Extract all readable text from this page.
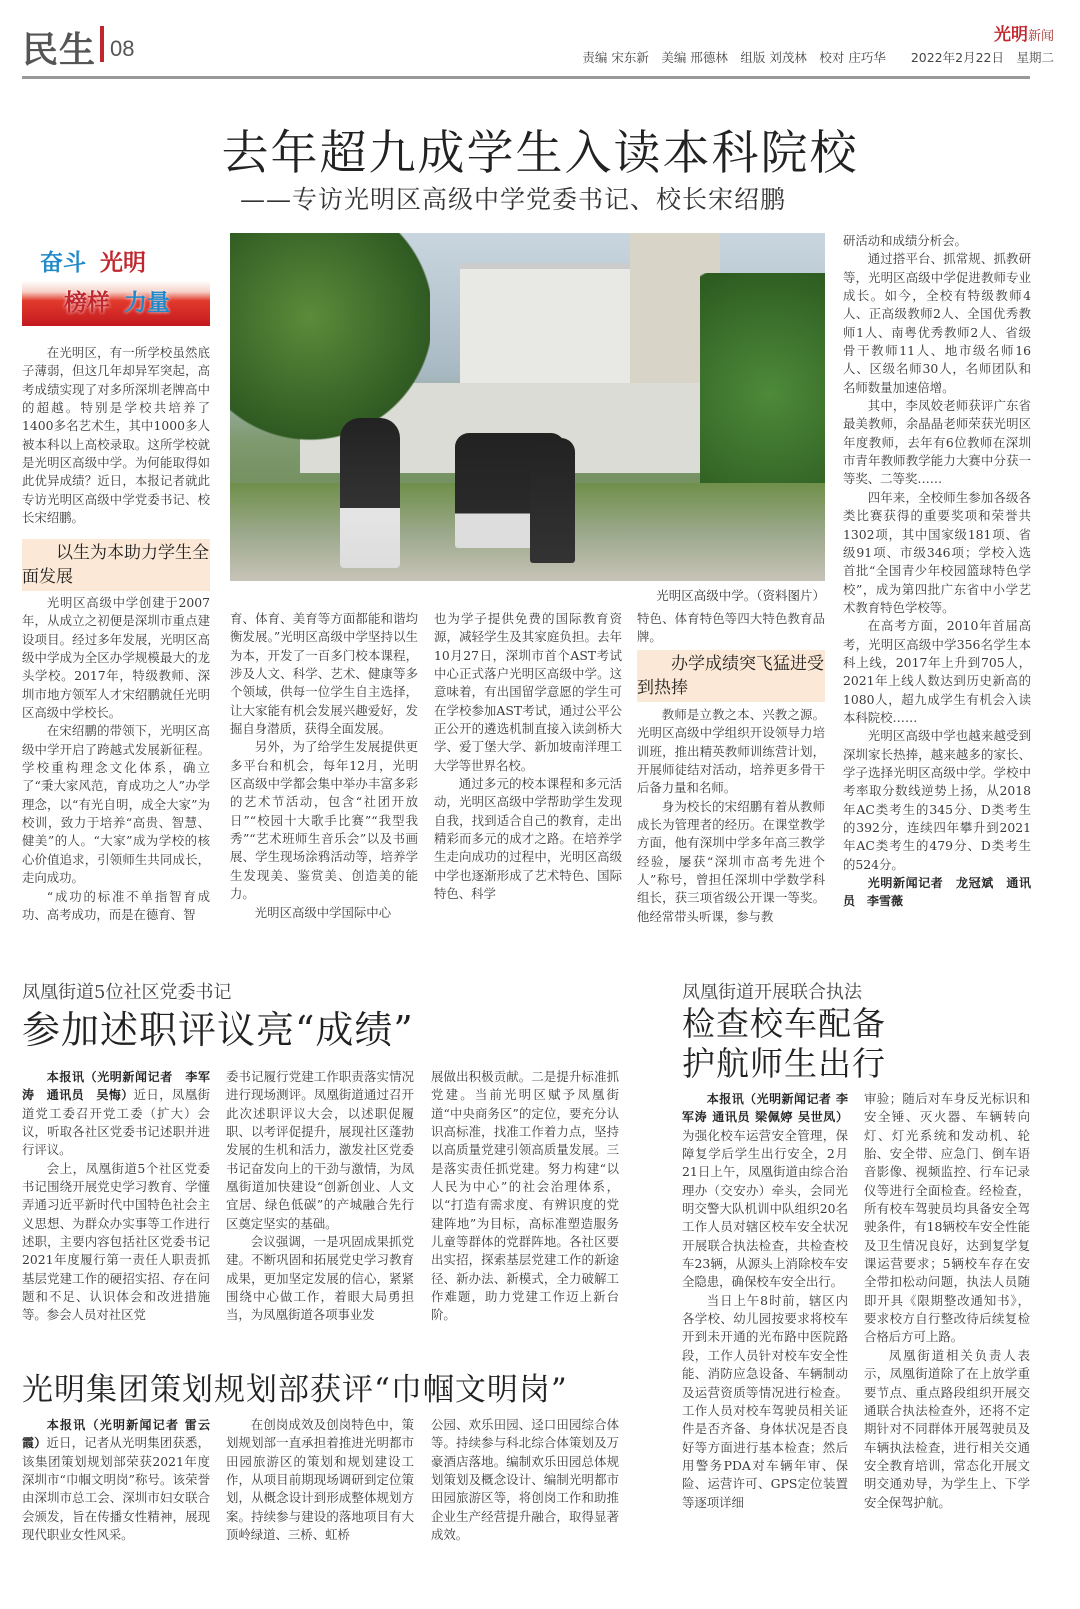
民生 08
光明新闻
责编 宋东新　美编 邢德林　组版 刘茂林　校对 庄巧华　　2022年2月22日　星期二
去年超九成学生入读本科院校
——专访光明区高级中学党委书记、校长宋绍鹏
奋斗 光明
榜样 力量

在光明区，有一所学校虽然底子薄弱，但这几年却异军突起，高考成绩实现了对多所深圳老牌高中的超越。特别是学校共培养了1400多名艺术生，其中1000多人被本科以上高校录取。这所学校就是光明区高级中学。为何能取得如此优异成绩？近日，本报记者就此专访光明区高级中学党委书记、校长宋绍鹏。

以生为本助力学生全面发展

光明区高级中学创建于2007年，从成立之初便是深圳市重点建设项目。经过多年发展，光明区高级中学成为全区办学规模最大的龙头学校。2017年，特级教师、深圳市地方领军人才宋绍鹏就任光明区高级中学校长。

在宋绍鹏的带领下，光明区高级中学开启了跨越式发展新征程。学校重构理念文化体系，确立了“秉大家风范，育成功之人”办学理念，以“有光自明，成全大家”为校训，致力于培养“高贵、智慧、健美”的人。“大家”成为学校的核心价值追求，引领师生共同成长，走向成功。

“成功的标准不单指智育成功、高考成功，而是在德育、智

光明区高级中学。（资料图片）

育、体育、美育等方面都能和谐均衡发展。”光明区高级中学坚持以生为本，开发了一百多门校本课程，涉及人文、科学、艺术、健康等多个领域，供每一位学生自主选择，让大家能有机会发展兴趣爱好，发掘自身潜质，获得全面发展。

另外，为了给学生发展提供更多平台和机会，每年12月，光明区高级中学都会集中举办丰富多彩的艺术节活动，包含“社团开放日”“校园十大歌手比赛”“我型我秀”“艺术班师生音乐会”以及书画展、学生现场涂鸦活动等，培养学生发现美、鉴赏美、创造美的能力。

光明区高级中学国际中心

也为学子提供免费的国际教育资源，减轻学生及其家庭负担。去年10月27日，深圳市首个AST考试中心正式落户光明区高级中学。这意味着，有出国留学意愿的学生可在学校参加AST考试，通过公平公正公开的遴选机制直接入读剑桥大学、爱丁堡大学、新加坡南洋理工大学等世界名校。

通过多元的校本课程和多元活动，光明区高级中学帮助学生发现自我，找到适合自己的教育，走出精彩而多元的成才之路。在培养学生走向成功的过程中，光明区高级中学也逐渐形成了艺术特色、国际特色、科学

特色、体育特色等四大特色教育品牌。

办学成绩突飞猛进受到热捧

教师是立教之本、兴教之源。光明区高级中学组织开设领导力培训班，推出精英教师训练营计划，开展师徒结对活动，培养更多骨干后备力量和名师。

身为校长的宋绍鹏有着从教师成长为管理者的经历。在课堂教学方面，他有深圳中学多年高三教学经验，屡获“深圳市高考先进个人”称号，曾担任深圳中学数学科组长，获三项省级公开课一等奖。他经常带头听课，参与教

研活动和成绩分析会。

通过搭平台、抓常规、抓教研等，光明区高级中学促进教师专业成长。如今，全校有特级教师4人、正高级教师2人、全国优秀教师1人、南粤优秀教师2人、省级骨干教师11人、地市级名师16人、区级名师30人，名师团队和名师数量加速倍增。

其中，李凤姣老师获评广东省最美教师，余晶晶老师荣获光明区年度教师，去年有6位教师在深圳市青年教师教学能力大赛中分获一等奖、二等奖……

四年来，全校师生参加各级各类比赛获得的重要奖项和荣誉共1302项，其中国家级181项、省级91项、市级346项；学校入选首批“全国青少年校园篮球特色学校”，成为第四批广东省中小学艺术教育特色学校等。

在高考方面，2010年首届高考，光明区高级中学356名学生本科上线，2017年上升到705人，2021年上线人数达到历史新高的1080人，超九成学生有机会入读本科院校……

光明区高级中学也越来越受到深圳家长热捧，越来越多的家长、学子选择光明区高级中学。学校中考率取分数线逆势上扬，从2018年AC类考生的345分、D类考生的392分，连续四年攀升到2021年AC类考生的479分、D类考生的524分。

光明新闻记者　龙冠斌　通讯员　李雪薇

凤凰街道5位社区党委书记
参加述职评议亮“成绩”

本报讯（光明新闻记者　李军涛　通讯员　吴悔）近日，凤凰街道党工委召开党工委（扩大）会议，听取各社区党委书记述职并进行评议。

会上，凤凰街道5个社区党委书记围绕开展党史学习教育、学懂弄通习近平新时代中国特色社会主义思想、为群众办实事等工作进行述职，主要内容包括社区党委书记2021年度履行第一责任人职责抓基层党建工作的硬招实招、存在问题和不足、认识体会和改进措施等。参会人员对社区党

委书记履行党建工作职责落实情况进行现场测评。凤凰街道通过召开此次述职评议大会，以述职促履职、以考评促提升，展现社区蓬勃发展的生机和活力，激发社区党委书记奋发向上的干劲与激情，为凤凰街道加快建设“创新创业、人文宜居、绿色低碳”的产城融合先行区奠定坚实的基础。

会议强调，一是巩固成果抓党建。不断巩固和拓展党史学习教育成果，更加坚定发展的信心，紧紧围绕中心做工作，着眼大局勇担当，为凤凰街道各项事业发

展做出积极贡献。二是提升标准抓党建。当前光明区赋予凤凰街道“中央商务区”的定位，要充分认识高标准，找准工作着力点，坚持以高质量党建引领高质量发展。三是落实责任抓党建。努力构建“以人民为中心”的社会治理体系，以“打造有需求度、有辨识度的党建阵地”为目标，高标准塑造服务儿童等群体的党群阵地。各社区要出实招，探索基层党建工作的新途径、新办法、新模式，全力破解工作难题，助力党建工作迈上新台阶。

凤凰街道开展联合执法
检查校车配备
护航师生出行

本报讯（光明新闻记者 李军涛 通讯员 梁佩婷 吴世凤）为强化校车运营安全管理，保障复学后学生出行安全，2月21日上午，凤凰街道由综合治理办（交安办）牵头，会同光明交警大队机训中队组织20名工作人员对辖区校车安全状况开展联合执法检查，共检查校车23辆，从源头上消除校车安全隐患，确保校车安全出行。

当日上午8时前，辖区内各学校、幼儿园按要求将校车开到未开通的光布路中医院路段，工作人员针对校车安全性能、消防应急设备、车辆制动及运营资质等情况进行检查。工作人员对校车驾驶员相关证件是否齐备、身体状况是否良好等方面进行基本检查；然后用警务PDA对车辆年审、保险、运营许可、GPS定位装置等逐项详细

审验；随后对车身反光标识和安全锤、灭火器、车辆转向灯、灯光系统和发动机、轮胎、安全带、应急门、倒车语音影像、视频监控、行车记录仪等进行全面检查。经检查，所有校车驾驶员均具备安全驾驶条件，有18辆校车安全性能及卫生情况良好，达到复学复课运营要求；5辆校车存在安全带扣松动问题，执法人员随即开具《限期整改通知书》，要求校方自行整改待后续复检合格后方可上路。

凤凰街道相关负责人表示，凤凰街道除了在上放学重要节点、重点路段组织开展交通联合执法检查外，还将不定期针对不同群体开展驾驶员及车辆执法检查，进行相关交通安全教育培训，常态化开展文明交通劝导，为学生上、下学安全保驾护航。

光明集团策划规划部获评“巾帼文明岗”

本报讯（光明新闻记者 雷云霞）近日，记者从光明集团获悉，该集团策划规划部荣获2021年度深圳市“巾帼文明岗”称号。该荣誉由深圳市总工会、深圳市妇女联合会颁发，旨在传播女性精神，展现现代职业女性风采。

在创岗成效及创岗特色中，策划规划部一直承担着推进光明都市田园旅游区的策划和规划建设工作，从项目前期现场调研到定位策划，从概念设计到形成整体规划方案。持续参与建设的落地项目有大顶岭绿道、三桥、虹桥

公园、欢乐田园、迳口田园综合体等。持续参与科北综合体策划及万豪酒店落地。编制欢乐田园总体规划策划及概念设计、编制光明都市田园旅游区等，将创岗工作和助推企业生产经营提升融合，取得显著成效。
